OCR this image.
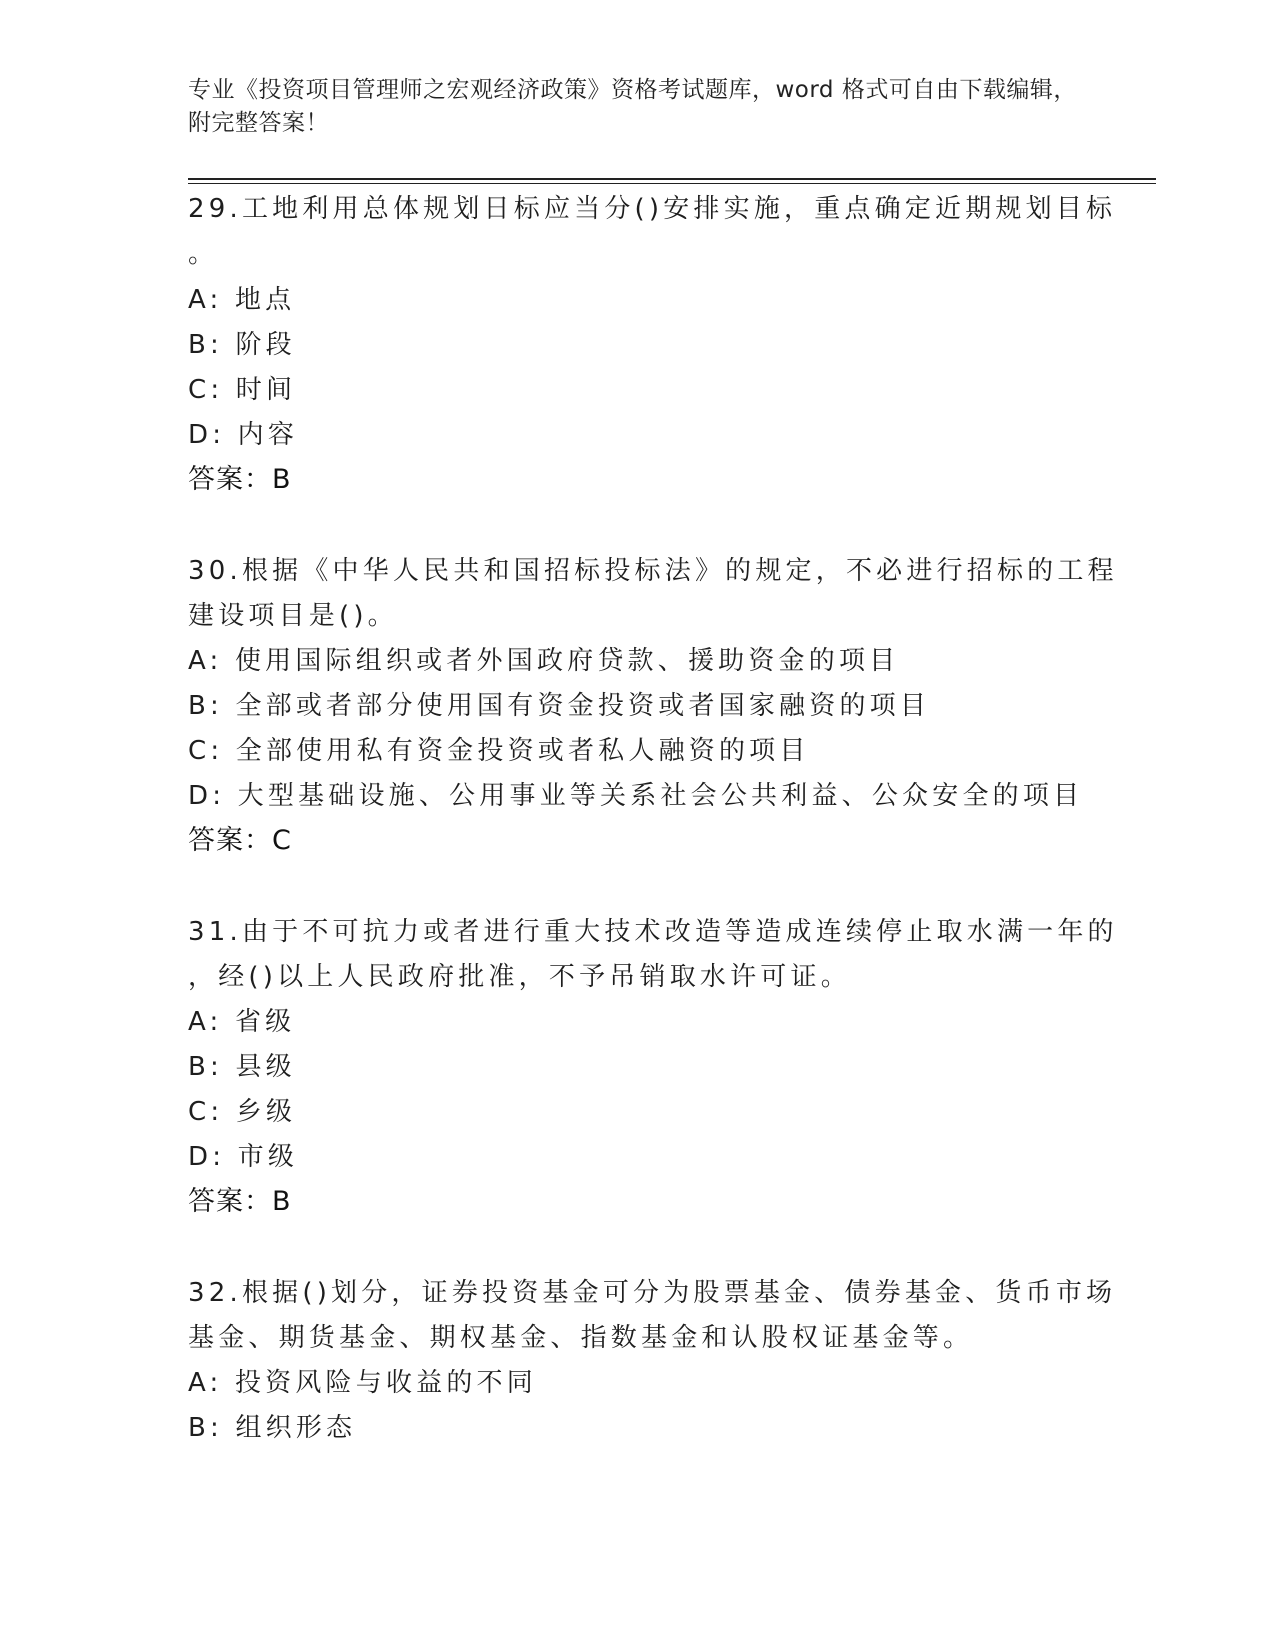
专业《投资项目管理师之宏观经济政策》资格考试题库，word 格式可自由下载编辑，附完整答案！
29.工地利用总体规划日标应当分()安排实施，重点确定近期规划目标
。
A: 地点
B: 阶段
C: 时间
D: 内容
答案：B
30.根据《中华人民共和国招标投标法》的规定，不必进行招标的工程
建设项目是()。
A: 使用国际组织或者外国政府贷款、援助资金的项目
B: 全部或者部分使用国有资金投资或者国家融资的项目
C: 全部使用私有资金投资或者私人融资的项目
D: 大型基础设施、公用事业等关系社会公共利益、公众安全的项目
答案：C
31.由于不可抗力或者进行重大技术改造等造成连续停止取水满一年的
，经()以上人民政府批准，不予吊销取水许可证。
A: 省级
B: 县级
C: 乡级
D: 市级
答案：B
32.根据()划分，证券投资基金可分为股票基金、债券基金、货币市场
基金、期货基金、期权基金、指数基金和认股权证基金等。
A: 投资风险与收益的不同
B: 组织形态
